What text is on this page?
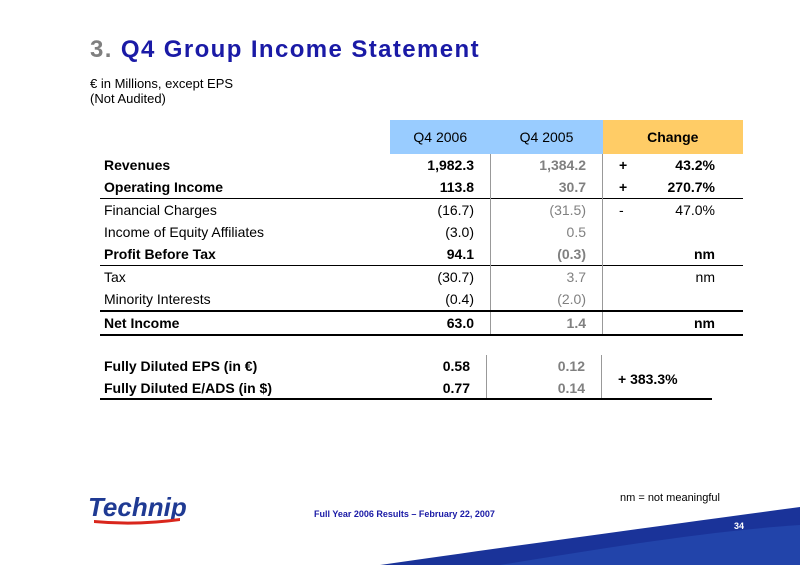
3. Q4 Group Income Statement
€ in Millions, except EPS
(Not Audited)
	Q4 2006	Q4 2005	Change
Revenues	1,982.3	1,384.2	+ 43.2%

Operating Income	113.8	30.7	+ 270.7%

Financial Charges	(16.7)	(31.5)	- 47.0%

Income of Equity Affiliates	(3.0)	0.5	
Profit Before Tax	94.1	(0.3)	nm
Tax	(30.7)	3.7	nm
Minority Interests	(0.4)	(2.0)	
Net Income	63.0	1.4	nm
Fully Diluted EPS (in €)	0.58	0.12
Fully Diluted E/ADS (in $)	0.77	0.14
+ 383.3%
Technip	Full Year 2006 Results – February 22, 2007
nm = not meaningful
34
